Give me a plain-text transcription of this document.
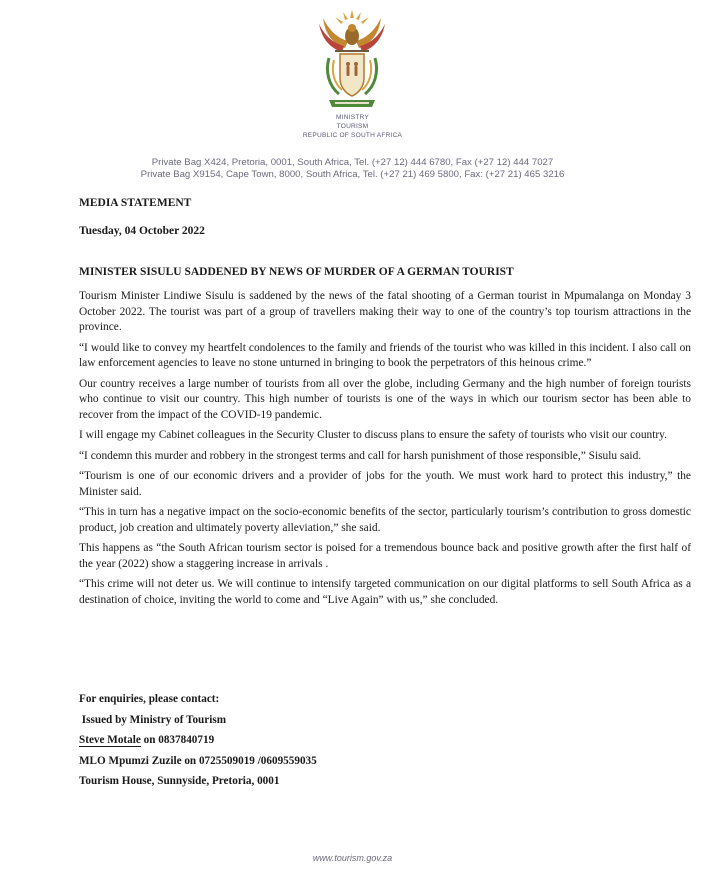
MINISTRY
TOURISM
REPUBLIC OF SOUTH AFRICA
Private Bag X424, Pretoria, 0001, South Africa, Tel. (+27 12) 444 6780, Fax (+27 12) 444 7027
Private Bag X9154, Cape Town, 8000, South Africa, Tel. (+27 21) 469 5800, Fax: (+27 21) 465 3216
MEDIA STATEMENT
Tuesday, 04 October 2022
MINISTER SISULU SADDENED BY NEWS OF MURDER OF A GERMAN TOURIST

Tourism Minister Lindiwe Sisulu is saddened by the news of the fatal shooting of a German tourist in Mpumalanga on Monday 3 October 2022. The tourist was part of a group of travellers making their way to one of the country’s top tourism attractions in the province.

“I would like to convey my heartfelt condolences to the family and friends of the tourist who was killed in this incident. I also call on law enforcement agencies to leave no stone unturned in bringing to book the perpetrators of this heinous crime.”

Our country receives a large number of tourists from all over the globe, including Germany and the high number of foreign tourists who continue to visit our country. This high number of tourists is one of the ways in which our tourism sector has been able to recover from the impact of the COVID-19 pandemic.

I will engage my Cabinet colleagues in the Security Cluster to discuss plans to ensure the safety of tourists who visit our country.

“I condemn this murder and robbery in the strongest terms and call for harsh punishment of those responsible,” Sisulu said.

“Tourism is one of our economic drivers and a provider of jobs for the youth. We must work hard to protect this industry,” the Minister said.

“This in turn has a negative impact on the socio-economic benefits of the sector, particularly tourism’s contribution to gross domestic product, job creation and ultimately poverty alleviation,” she said.

This happens as “the South African tourism sector is poised for a tremendous bounce back and positive growth after the first half of the year (2022) show a staggering increase in arrivals .

“This crime will not deter us. We will continue to intensify targeted communication on our digital platforms to sell South Africa as a destination of choice, inviting the world to come and “Live Again” with us,” she concluded.

For enquiries, please contact:
Issued by Ministry of Tourism
Steve Motale on 0837840719
MLO Mpumzi Zuzile on 0725509019 /0609559035
Tourism House, Sunnyside, Pretoria, 0001
www.tourism.gov.za
